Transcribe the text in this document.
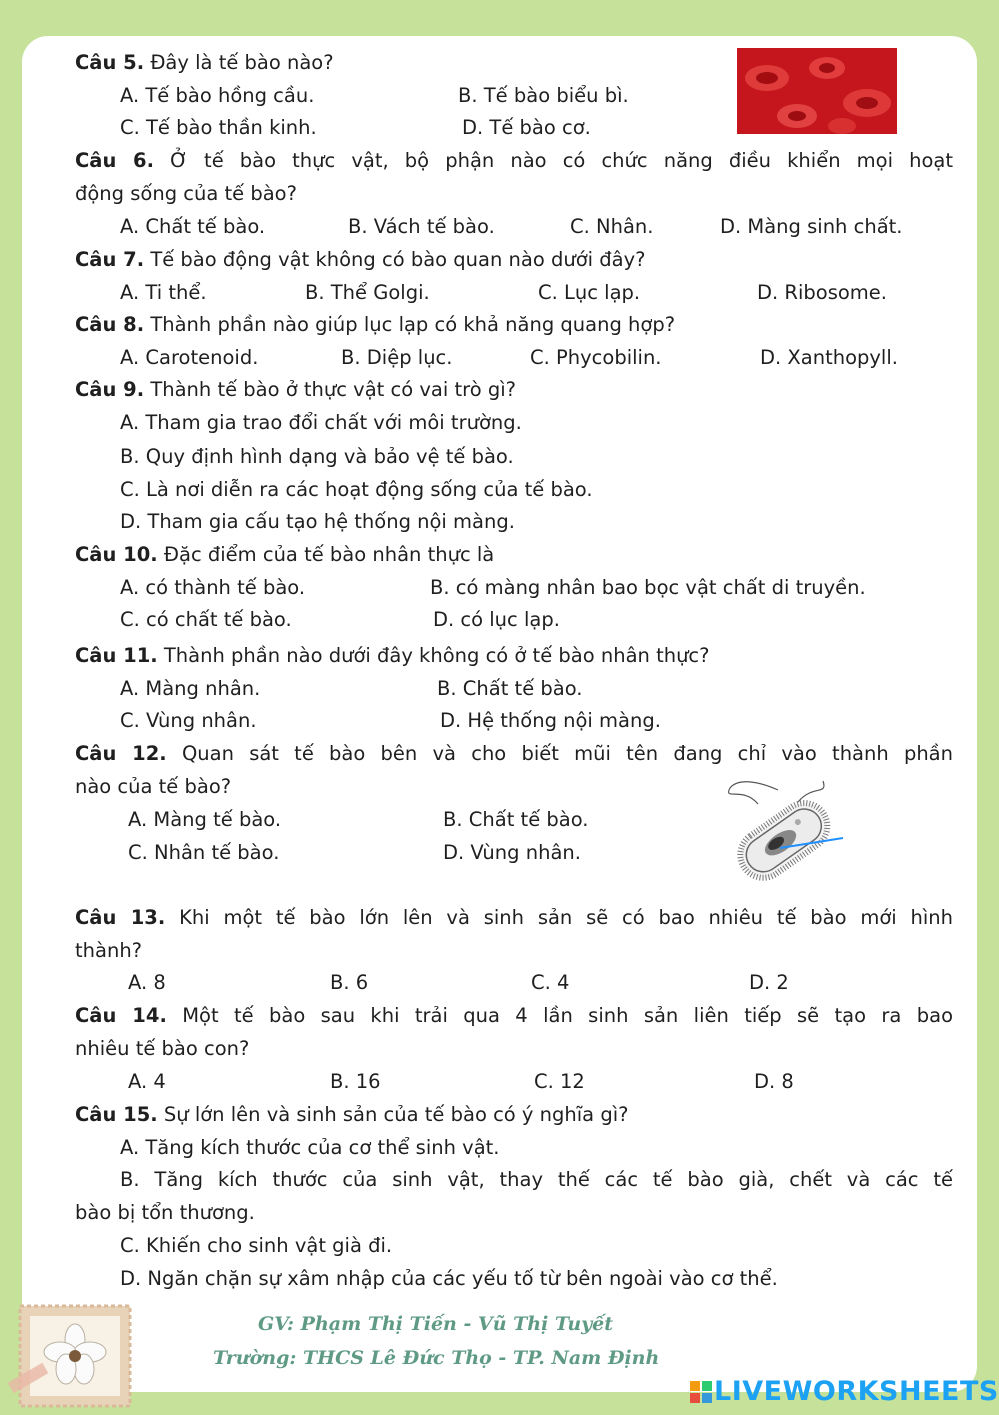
Câu 5. Đây là tế bào nào?
A. Tế bào hồng cầu.	B. Tế bào biểu bì.
C. Tế bào thần kinh.	D. Tế bào cơ.
Câu 6. Ở tế bào thực vật, bộ phận nào có chức năng điều khiển mọi hoạt
động sống của tế bào?
A. Chất tế bào.	B. Vách tế bào.	C. Nhân.	D. Màng sinh chất.
Câu 7. Tế bào động vật không có bào quan nào dưới đây?
A. Ti thể.	B. Thể Golgi.	C. Lục lạp.	D. Ribosome.
Câu 8. Thành phần nào giúp lục lạp có khả năng quang hợp?
A. Carotenoid.	B. Diệp lục.	C. Phycobilin.	D. Xanthopyll.
Câu 9. Thành tế bào ở thực vật có vai trò gì?
A. Tham gia trao đổi chất với môi trường.
B. Quy định hình dạng và bảo vệ tế bào.
C. Là nơi diễn ra các hoạt động sống của tế bào.
D. Tham gia cấu tạo hệ thống nội màng.
Câu 10. Đặc điểm của tế bào nhân thực là
A. có thành tế bào.	B. có màng nhân bao bọc vật chất di truyền.
C. có chất tế bào.	D. có lục lạp.
Câu 11. Thành phần nào dưới đây không có ở tế bào nhân thực?
A. Màng nhân.	B. Chất tế bào.
C. Vùng nhân.	D. Hệ thống nội màng.
Câu 12. Quan sát tế bào bên và cho biết mũi tên đang chỉ vào thành phần
nào của tế bào?
A. Màng tế bào.	B. Chất tế bào.
C. Nhân tế bào.	D. Vùng nhân.
Câu 13. Khi một tế bào lớn lên và sinh sản sẽ có bao nhiêu tế bào mới hình
thành?
A. 8	B. 6	C. 4	D. 2
Câu 14. Một tế bào sau khi trải qua 4 lần sinh sản liên tiếp sẽ tạo ra bao
nhiêu tế bào con?
A. 4	B. 16	C. 12	D. 8
Câu 15. Sự lớn lên và sinh sản của tế bào có ý nghĩa gì?
A. Tăng kích thước của cơ thể sinh vật.
B. Tăng kích thước của sinh vật, thay thế các tế bào già, chết và các tế
bào bị tổn thương.
C. Khiến cho sinh vật già đi.
D. Ngăn chặn sự xâm nhập của các yếu tố từ bên ngoài vào cơ thể.
GV: Phạm Thị Tiến - Vũ Thị Tuyết
Trường: THCS Lê Đức Thọ - TP. Nam Định
LIVEWORKSHEETS
